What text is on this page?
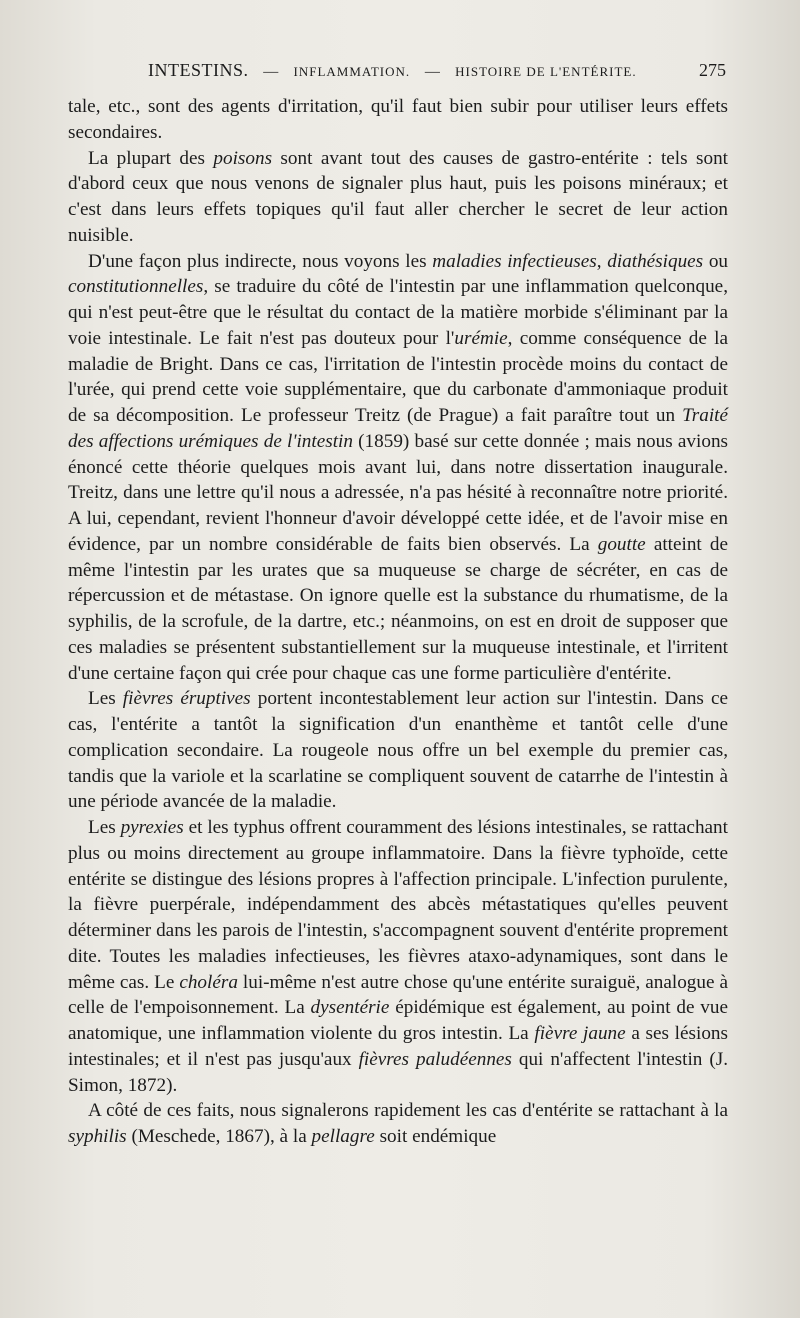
INTESTINS. — INFLAMMATION. — HISTOIRE DE L'ENTÉRITE.	275

tale, etc., sont des agents d'irritation, qu'il faut bien subir pour utiliser leurs effets secondaires.

La plupart des poisons sont avant tout des causes de gastro-entérite : tels sont d'abord ceux que nous venons de signaler plus haut, puis les poisons minéraux; et c'est dans leurs effets topiques qu'il faut aller chercher le secret de leur action nuisible.

D'une façon plus indirecte, nous voyons les maladies infectieuses, diathésiques ou constitutionnelles, se traduire du côté de l'intestin par une inflammation quelconque, qui n'est peut-être que le résultat du contact de la matière morbide s'éliminant par la voie intestinale. Le fait n'est pas douteux pour l'urémie, comme conséquence de la maladie de Bright. Dans ce cas, l'irritation de l'intestin procède moins du contact de l'urée, qui prend cette voie supplémentaire, que du carbonate d'ammoniaque produit de sa décomposition. Le professeur Treitz (de Prague) a fait paraître tout un Traité des affections urémiques de l'intestin (1859) basé sur cette donnée ; mais nous avions énoncé cette théorie quelques mois avant lui, dans notre dissertation inaugurale. Treitz, dans une lettre qu'il nous a adressée, n'a pas hésité à reconnaître notre priorité. A lui, cependant, revient l'honneur d'avoir développé cette idée, et de l'avoir mise en évidence, par un nombre considérable de faits bien observés. La goutte atteint de même l'intestin par les urates que sa muqueuse se charge de sécréter, en cas de répercussion et de métastase. On ignore quelle est la substance du rhumatisme, de la syphilis, de la scrofule, de la dartre, etc.; néanmoins, on est en droit de supposer que ces maladies se présentent substantiellement sur la muqueuse intestinale, et l'irritent d'une certaine façon qui crée pour chaque cas une forme particulière d'entérite.

Les fièvres éruptives portent incontestablement leur action sur l'intestin. Dans ce cas, l'entérite a tantôt la signification d'un enanthème et tantôt celle d'une complication secondaire. La rougeole nous offre un bel exemple du premier cas, tandis que la variole et la scarlatine se compliquent souvent de catarrhe de l'intestin à une période avancée de la maladie.

Les pyrexies et les typhus offrent couramment des lésions intestinales, se rattachant plus ou moins directement au groupe inflammatoire. Dans la fièvre typhoïde, cette entérite se distingue des lésions propres à l'affection principale. L'infection purulente, la fièvre puerpérale, indépendamment des abcès métastatiques qu'elles peuvent déterminer dans les parois de l'intestin, s'accompagnent souvent d'entérite proprement dite. Toutes les maladies infectieuses, les fièvres ataxo-adynamiques, sont dans le même cas. Le choléra lui-même n'est autre chose qu'une entérite suraiguë, analogue à celle de l'empoisonnement. La dysentérie épidémique est également, au point de vue anatomique, une inflammation violente du gros intestin. La fièvre jaune a ses lésions intestinales; et il n'est pas jusqu'aux fièvres paludéennes qui n'affectent l'intestin (J. Simon, 1872).

A côté de ces faits, nous signalerons rapidement les cas d'entérite se rattachant à la syphilis (Meschede, 1867), à la pellagre soit endémique
